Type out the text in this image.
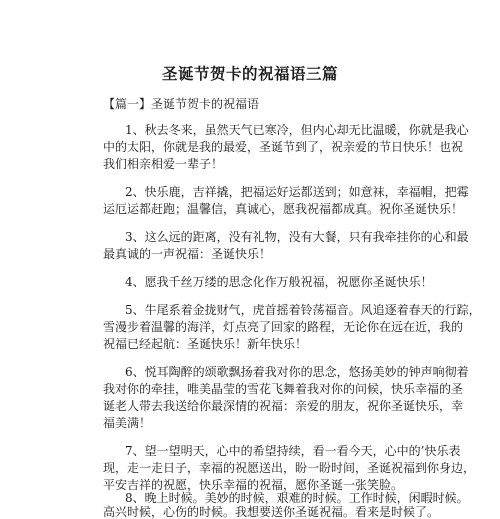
圣诞节贺卡的祝福语三篇
【篇一】圣诞节贺卡的祝福语
1、秋去冬来，虽然天气已寒冷，但内心却无比温暖，你就是我心
中的太阳，你就是我的最爱，圣诞节到了，祝亲爱的节日快乐！也祝
我们相亲相爱一辈子！
2、快乐鹿，吉祥撬，把福运好运都送到；如意袜，幸福帽，把霉
运厄运都赶跑；温馨信，真诚心，愿我祝福都成真。祝你圣诞快乐！
3、这么远的距离，没有礼物，没有大餐，只有我牵挂你的心和最
最真诚的一声祝福：圣诞快乐！
4、愿我千丝万缕的思念化作万般祝福，祝愿你圣诞快乐！
5、牛尾系着金拢财气，虎首摇着铃荡福音。风追逐着春天的行踪，
雪漫步着温馨的海洋，灯点亮了回家的路程，无论你在远在近，我的
祝福已经起航：圣诞快乐！新年快乐！
6、悦耳陶醉的颂歌飘扬着我对你的思念，悠扬美妙的钟声响彻着
我对你的牵挂，唯美晶莹的雪花飞舞着我对你的问候，快乐幸福的圣
诞老人带去我送给你最深情的祝福：亲爱的朋友，祝你圣诞快乐，幸
福美满！
7、望一望明天，心中的希望持续，看一看今天，心中的’快乐表
现，走一走日子，幸福的祝愿送出，盼一盼时间，圣诞祝福到你身边，
平安吉祥的祝愿，快乐幸福的祝福，愿你圣诞一张笑脸。
8、晚上时候。美妙的时候，艰难的时候。工作时候，闲暇时候。
高兴时候，心伤的时候。我想要送你圣诞祝福。看来是时候了。
